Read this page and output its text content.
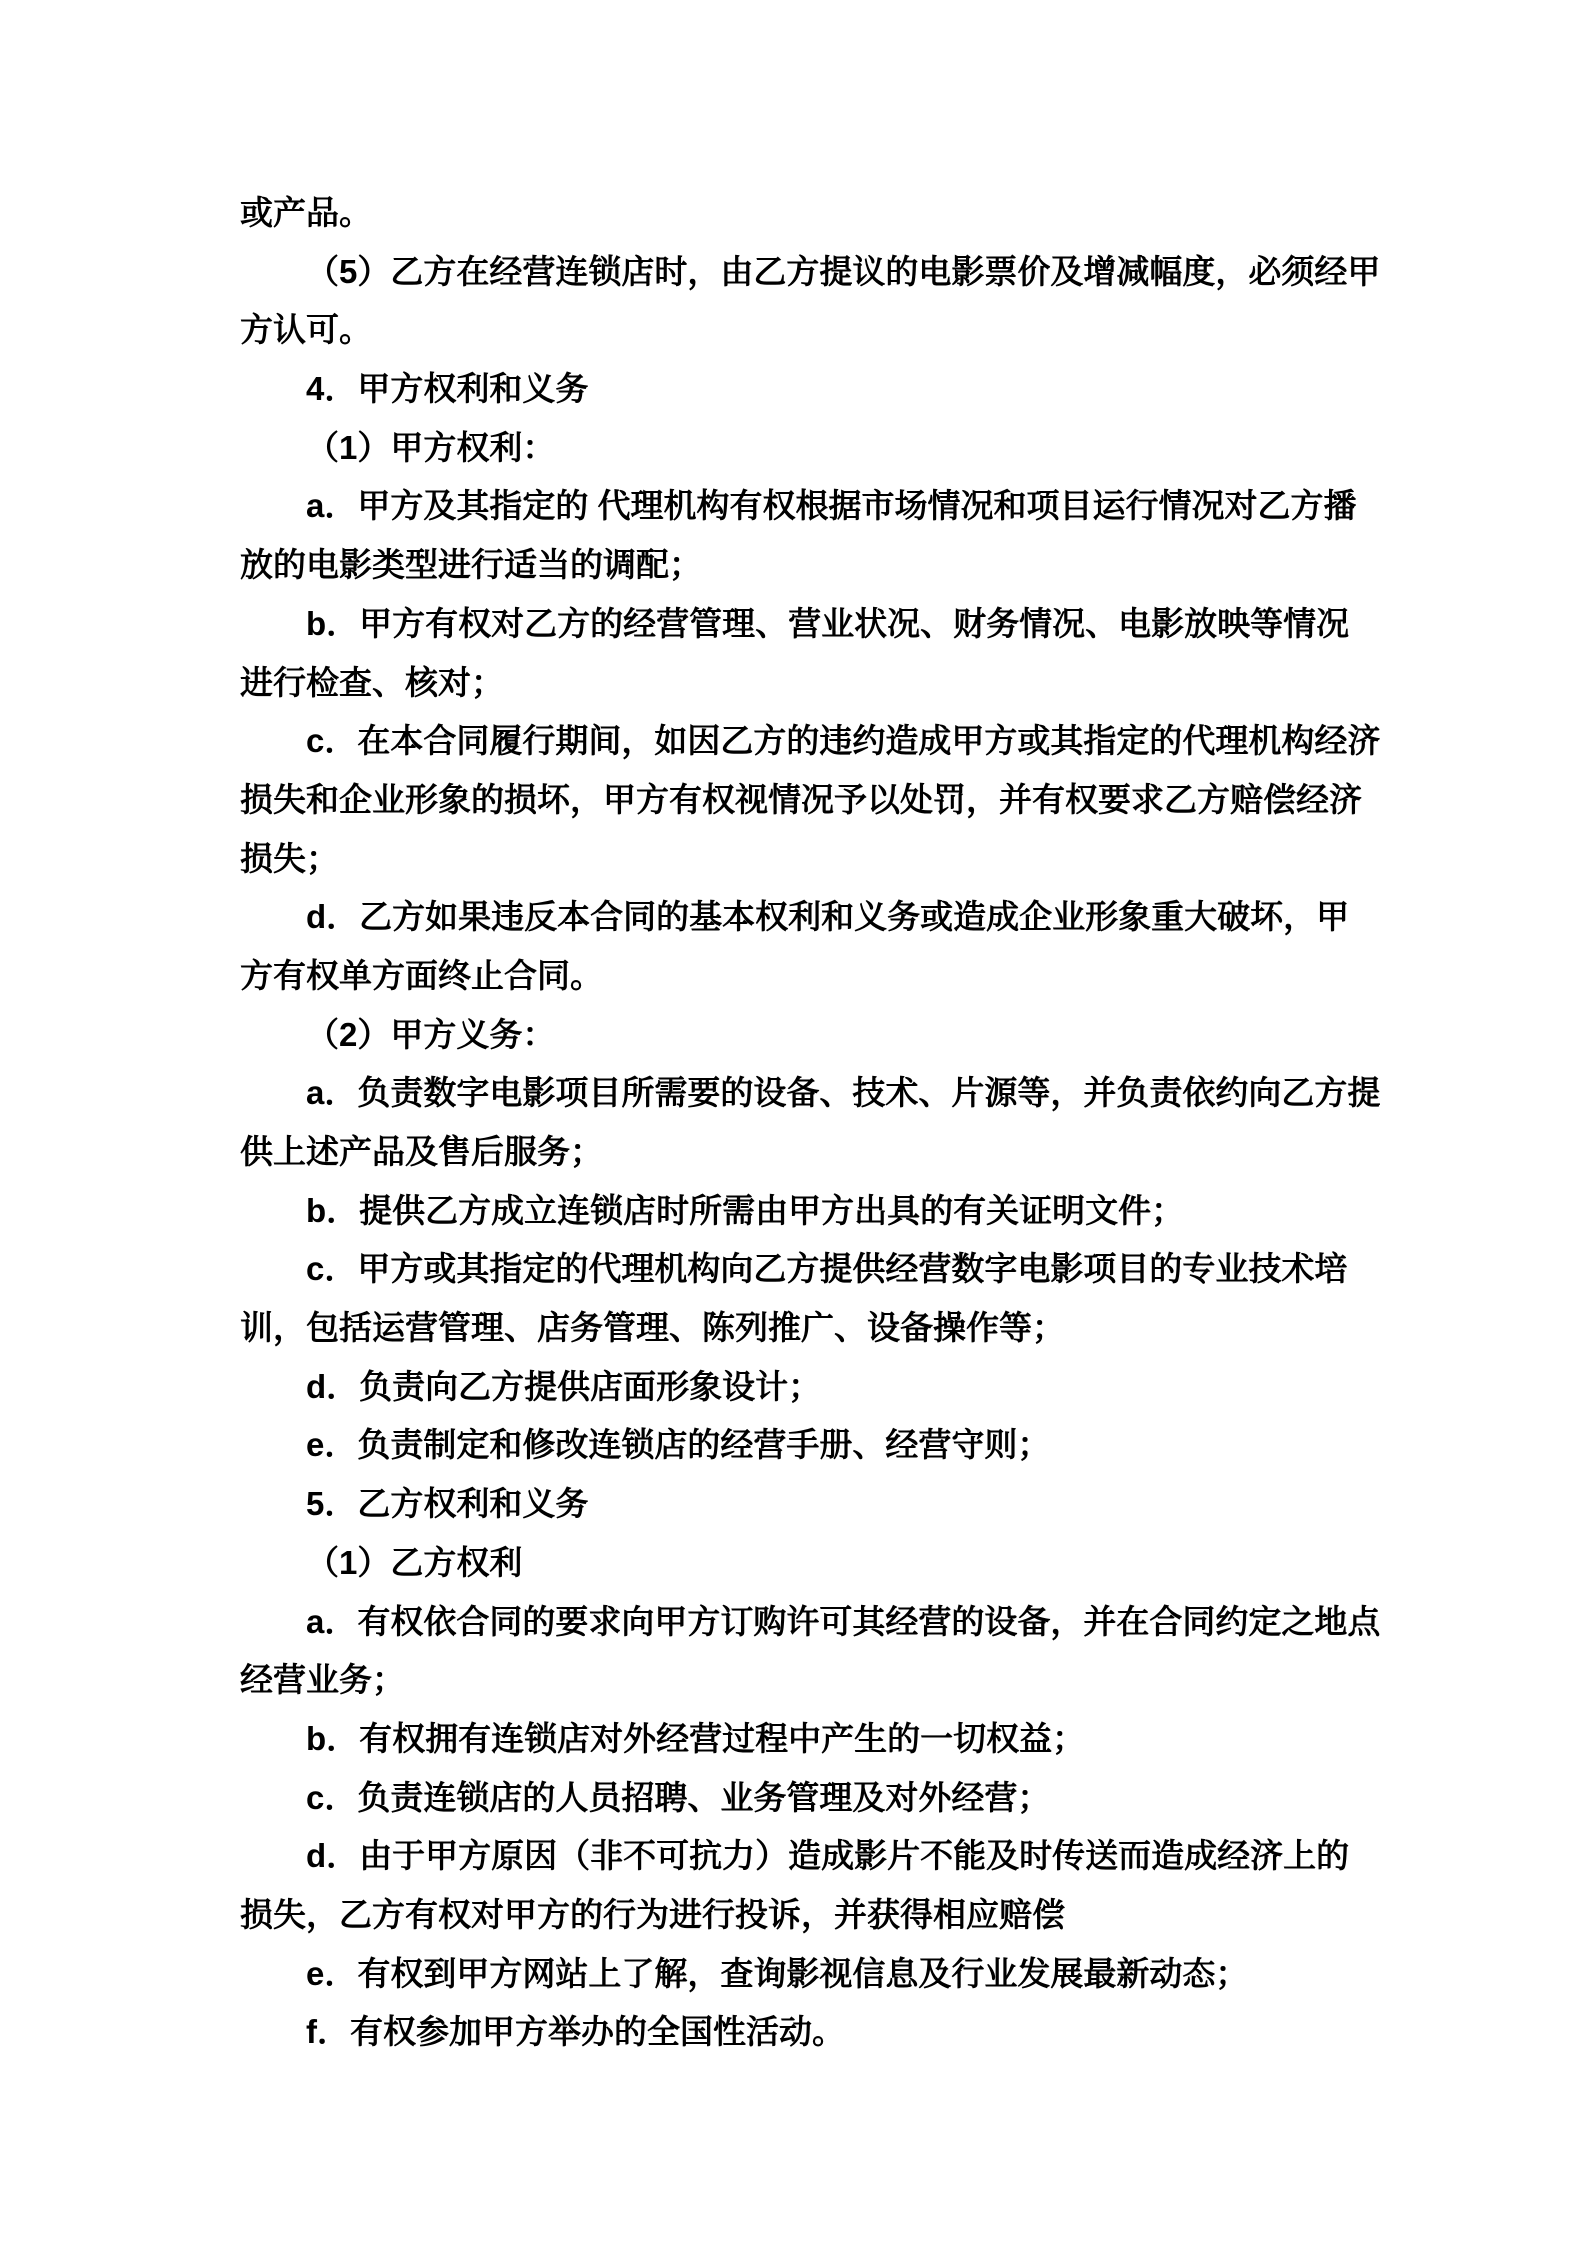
或产品。
（5）乙方在经营连锁店时，由乙方提议的电影票价及增减幅度，必须经甲
方认可。
4．甲方权利和义务
（1）甲方权利：
a．甲方及其指定的 代理机构有权根据市场情况和项目运行情况对乙方播
放的电影类型进行适当的调配；
b．甲方有权对乙方的经营管理、营业状况、财务情况、电影放映等情况
进行检查、核对；
c．在本合同履行期间，如因乙方的违约造成甲方或其指定的代理机构经济
损失和企业形象的损坏，甲方有权视情况予以处罚，并有权要求乙方赔偿经济
损失；
d．乙方如果违反本合同的基本权利和义务或造成企业形象重大破坏，甲
方有权单方面终止合同。
（2）甲方义务：
a．负责数字电影项目所需要的设备、技术、片源等，并负责依约向乙方提
供上述产品及售后服务；
b．提供乙方成立连锁店时所需由甲方出具的有关证明文件；
c．甲方或其指定的代理机构向乙方提供经营数字电影项目的专业技术培
训，包括运营管理、店务管理、陈列推广、设备操作等；
d．负责向乙方提供店面形象设计；
e．负责制定和修改连锁店的经营手册、经营守则；
5．乙方权利和义务
（1）乙方权利
a．有权依合同的要求向甲方订购许可其经营的设备，并在合同约定之地点
经营业务；
b．有权拥有连锁店对外经营过程中产生的一切权益；
c．负责连锁店的人员招聘、业务管理及对外经营；
d．由于甲方原因（非不可抗力）造成影片不能及时传送而造成经济上的
损失，乙方有权对甲方的行为进行投诉，并获得相应赔偿
e．有权到甲方网站上了解，查询影视信息及行业发展最新动态；
f．有权参加甲方举办的全国性活动。
